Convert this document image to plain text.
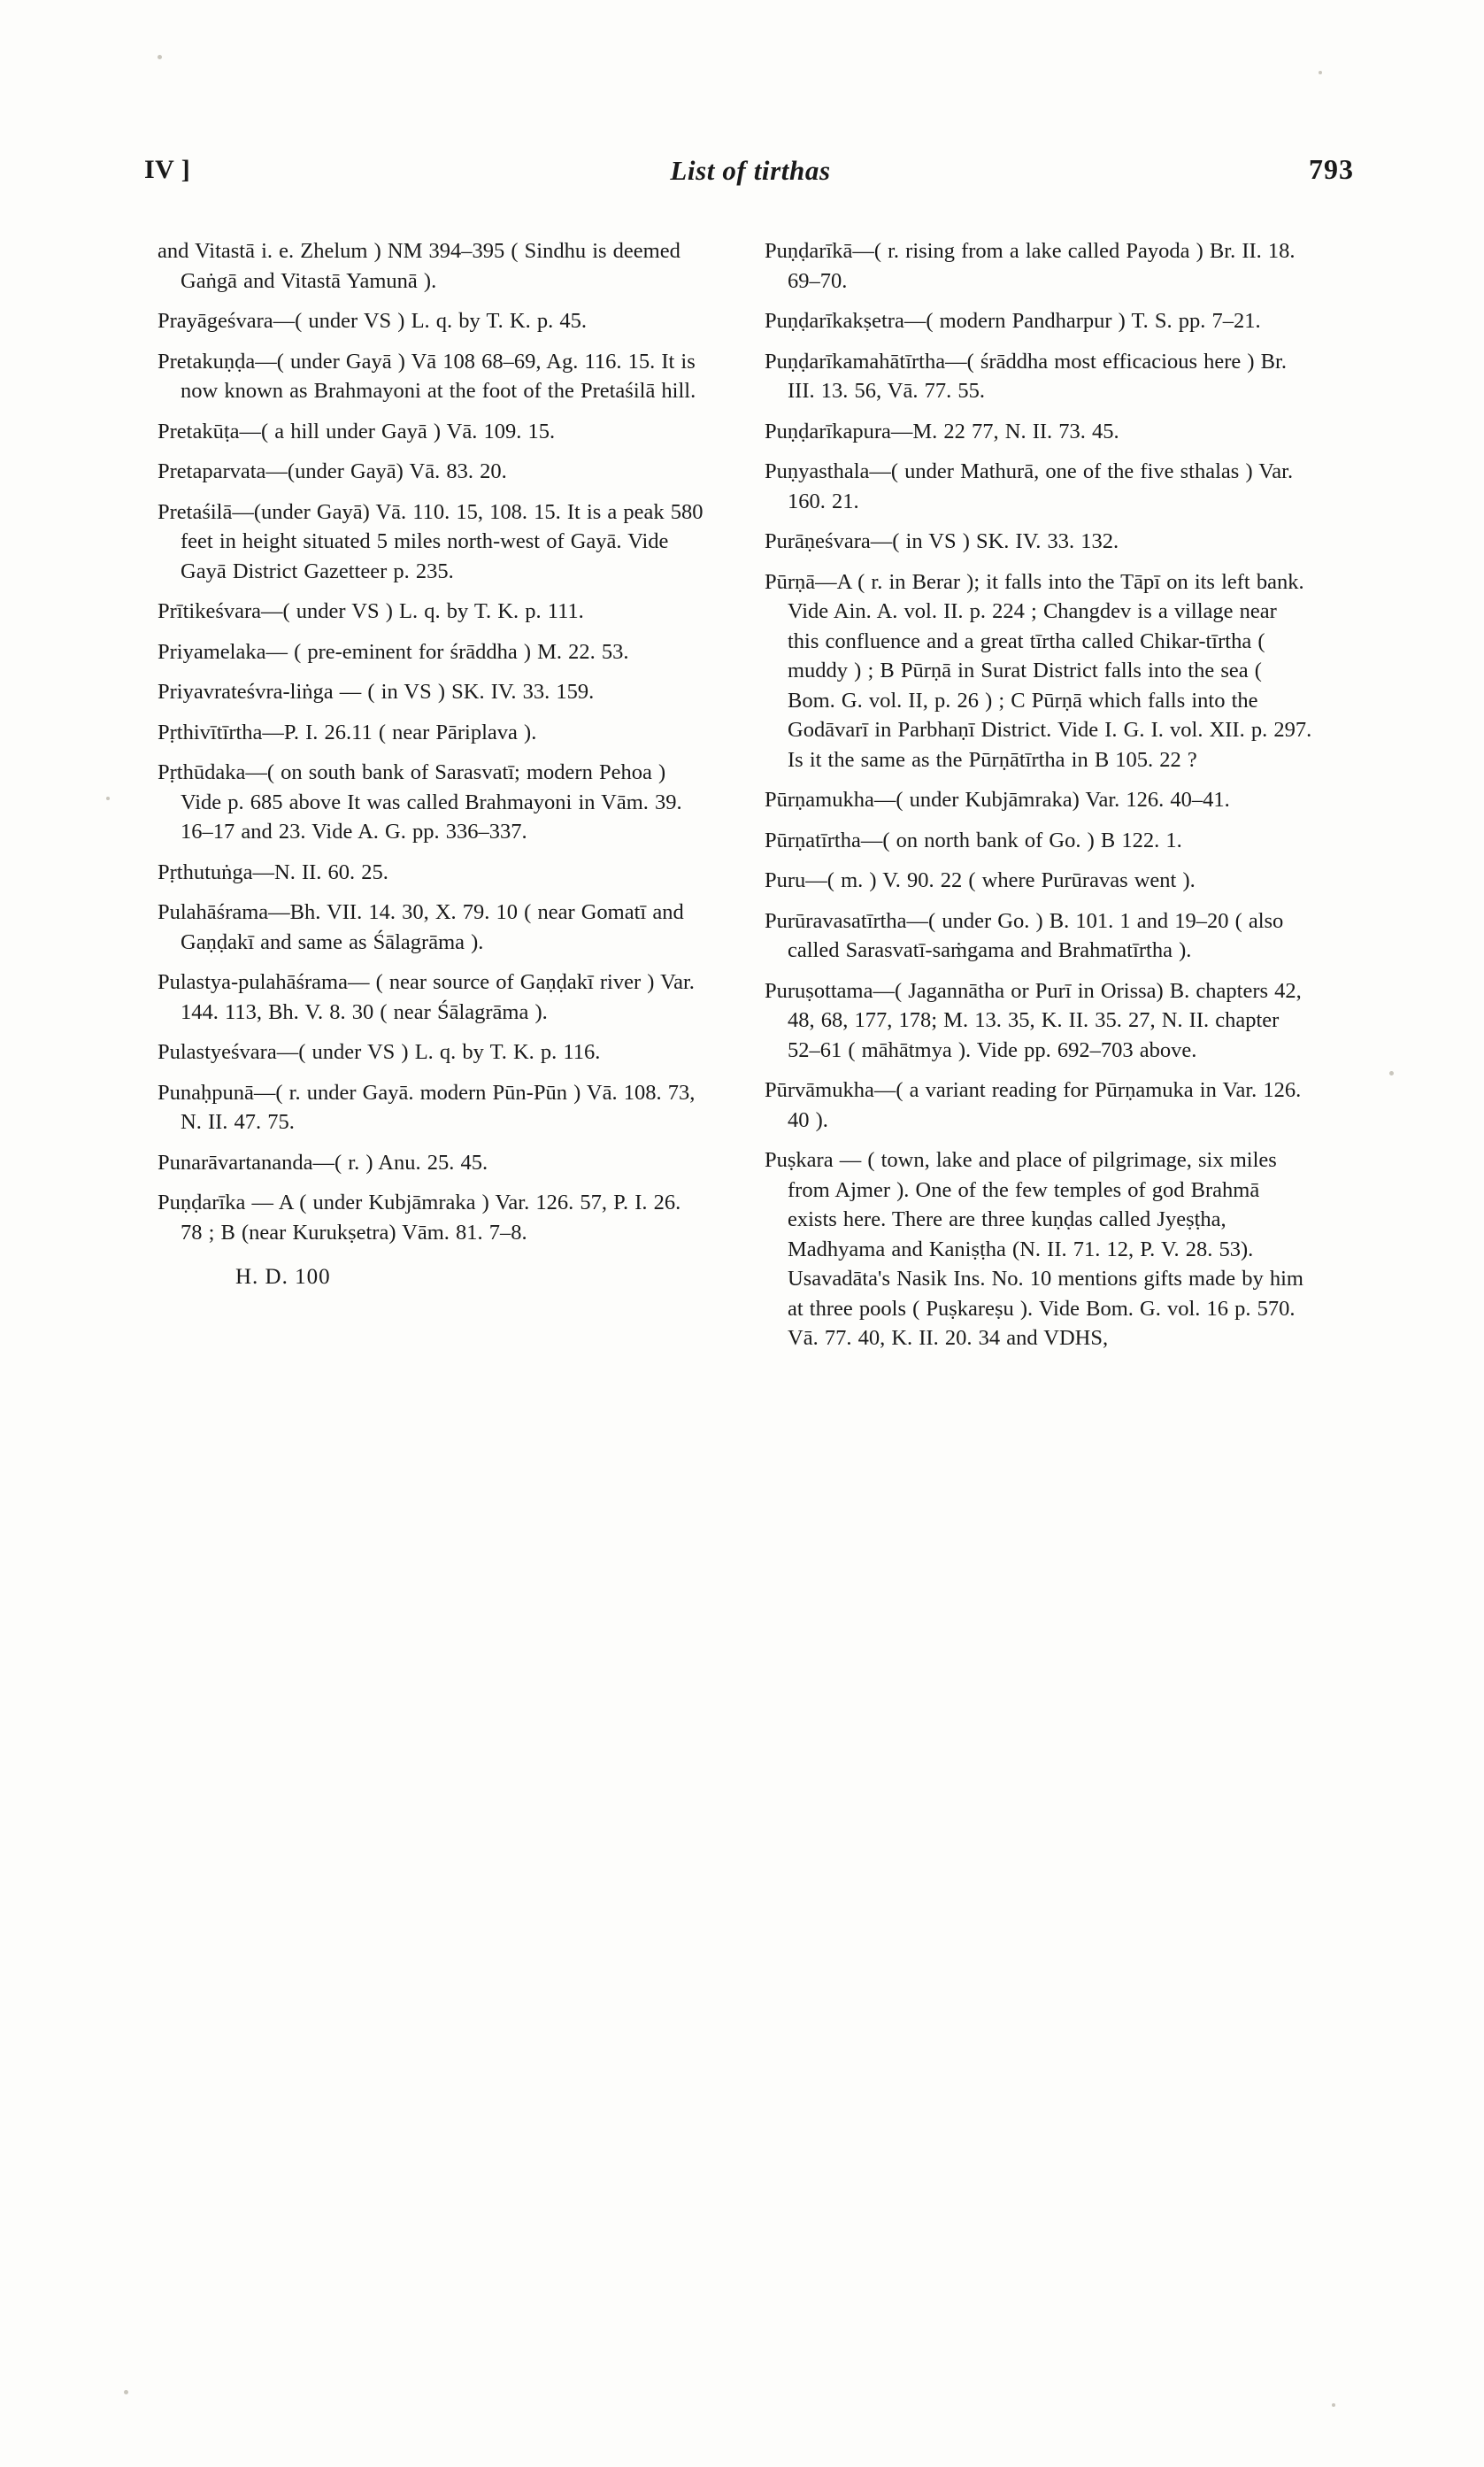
IV ]	List of tirthas	793
and Vitastā i. e. Zhelum ) NM 394–395 ( Sindhu is deemed Gaṅgā and Vitastā Yamunā ).
Prayāgeśvara—( under VS ) L. q. by T. K. p. 45.
Pretakuṇḍa—( under Gayā ) Vā 108 68–69, Ag. 116. 15. It is now known as Brahmayoni at the foot of the Pretaśilā hill.
Pretakūṭa—( a hill under Gayā ) Vā. 109. 15.
Pretaparvata—(under Gayā) Vā. 83. 20.
Pretaśilā—(under Gayā) Vā. 110. 15, 108. 15. It is a peak 580 feet in height situated 5 miles north-west of Gayā. Vide Gayā District Gazetteer p. 235.
Prītikeśvara—( under VS ) L. q. by T. K. p. 111.
Priyamelaka— ( pre-eminent for śrāddha ) M. 22. 53.
Priyavrateśvra-liṅga — ( in VS ) SK. IV. 33. 159.
Pṛthivītīrtha—P. I. 26.11 ( near Pāriplava ).
Pṛthūdaka—( on south bank of Sarasvatī; modern Pehoa ) Vide p. 685 above It was called Brahmayoni in Vām. 39. 16–17 and 23. Vide A. G. pp. 336–337.
Pṛthutuṅga—N. II. 60. 25.
Pulahāśrama—Bh. VII. 14. 30, X. 79. 10 ( near Gomatī and Gaṇḍakī and same as Śālagrāma ).
Pulastya-pulahāśrama— ( near source of Gaṇḍakī river ) Var. 144. 113, Bh. V. 8. 30 ( near Śālagrāma ).
Pulastyeśvara—( under VS ) L. q. by T. K. p. 116.
Punaḥpunā—( r. under Gayā. modern Pūn-Pūn ) Vā. 108. 73, N. II. 47. 75.
Punarāvartananda—( r. ) Anu. 25. 45.
Puṇḍarīka — A ( under Kubjāmraka ) Var. 126. 57, P. I. 26. 78 ; B (near Kurukṣetra) Vām. 81. 7–8.
H. D. 100
Puṇḍarīkā—( r. rising from a lake called Payoda ) Br. II. 18. 69–70.
Puṇḍarīkakṣetra—( modern Pandharpur ) T. S. pp. 7–21.
Puṇḍarīkamahātīrtha—( śrāddha most efficacious here ) Br. III. 13. 56, Vā. 77. 55.
Puṇḍarīkapura—M. 22 77, N. II. 73. 45.
Puṇyasthala—( under Mathurā, one of the five sthalas ) Var. 160. 21.
Purāṇeśvara—( in VS ) SK. IV. 33. 132.
Pūrṇā—A ( r. in Berar ); it falls into the Tāpī on its left bank. Vide Ain. A. vol. II. p. 224 ; Changdev is a village near this confluence and a great tīrtha called Chikar-tīrtha ( muddy ) ; B Pūrṇā in Surat District falls into the sea ( Bom. G. vol. II, p. 26 ) ; C Pūrṇā which falls into the Godāvarī in Parbhaṇī District. Vide I. G. I. vol. XII. p. 297. Is it the same as the Pūrṇātīrtha in B 105. 22 ?
Pūrṇamukha—( under Kubjāmraka) Var. 126. 40–41.
Pūrṇatīrtha—( on north bank of Go. ) B 122. 1.
Puru—( m. ) V. 90. 22 ( where Purūravas went ).
Purūravasatīrtha—( under Go. ) B. 101. 1 and 19–20 ( also called Sarasvatī-saṁgama and Brahmatīrtha ).
Puruṣottama—( Jagannātha or Purī in Orissa) B. chapters 42, 48, 68, 177, 178; M. 13. 35, K. II. 35. 27, N. II. chapter 52–61 ( māhātmya ). Vide pp. 692–703 above.
Pūrvāmukha—( a variant reading for Pūrṇamuka in Var. 126. 40 ).
Puṣkara — ( town, lake and place of pilgrimage, six miles from Ajmer ). One of the few temples of god Brahmā exists here. There are three kuṇḍas called Jyeṣṭha, Madhyama and Kaniṣṭha (N. II. 71. 12, P. V. 28. 53). Usavadāta's Nasik Ins. No. 10 mentions gifts made by him at three pools ( Puṣkareṣu ). Vide Bom. G. vol. 16 p. 570. Vā. 77. 40, K. II. 20. 34 and VDHS,
